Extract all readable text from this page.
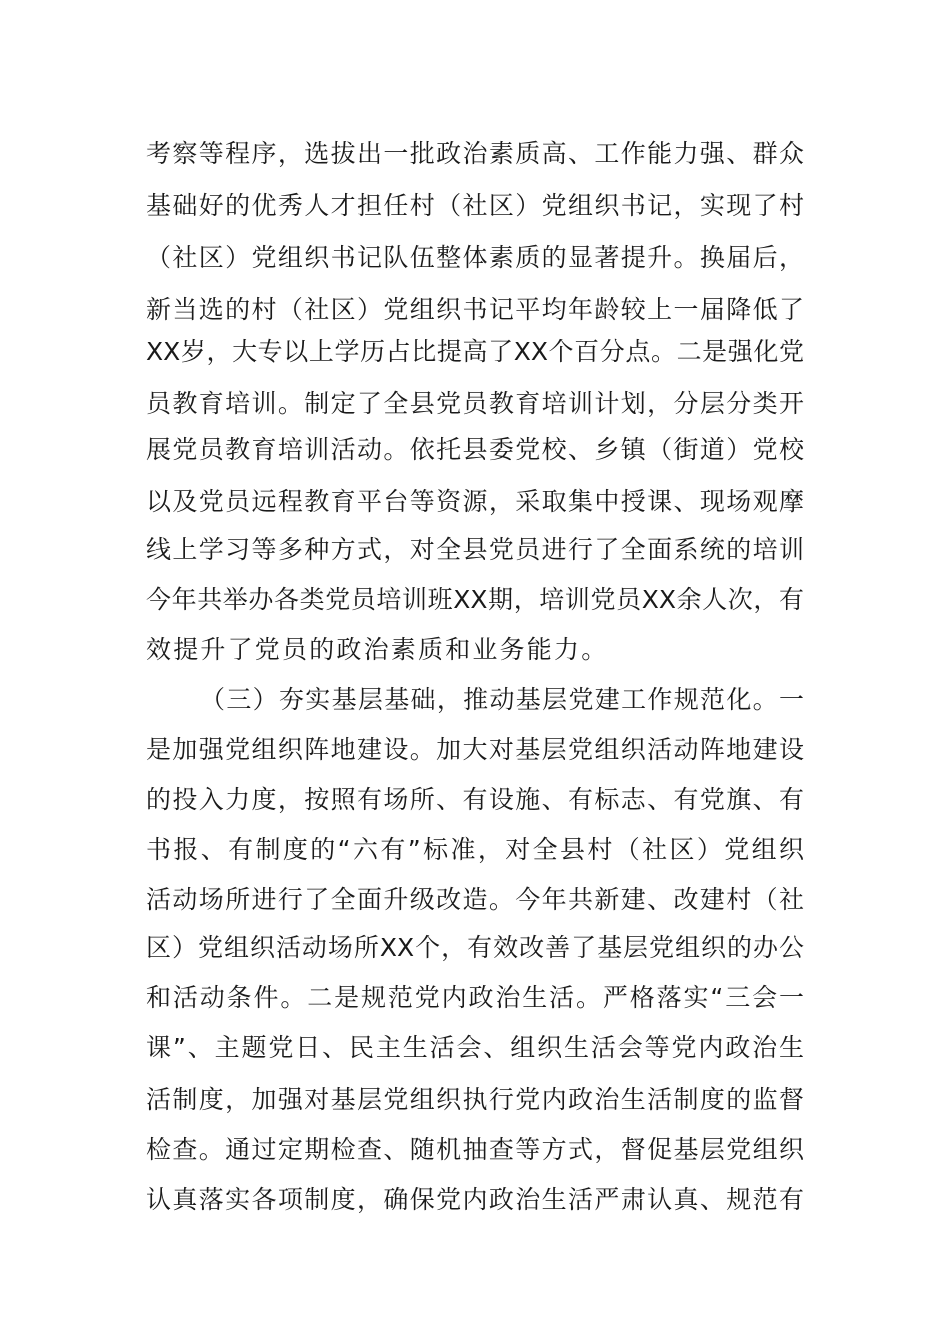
考察等程序，选拔出一批政治素质高、工作能力强、群众
基础好的优秀人才担任村（社区）党组织书记，实现了村
（社区）党组织书记队伍整体素质的显著提升。换届后，
新当选的村（社区）党组织书记平均年龄较上一届降低了
XX岁，大专以上学历占比提高了XX个百分点。二是强化党
员教育培训。制定了全县党员教育培训计划，分层分类开
展党员教育培训活动。依托县委党校、乡镇（街道）党校
以及党员远程教育平台等资源，采取集中授课、现场观摩
线上学习等多种方式，对全县党员进行了全面系统的培训
今年共举办各类党员培训班XX期，培训党员XX余人次，有
效提升了党员的政治素质和业务能力。
（三）夯实基层基础，推动基层党建工作规范化。一
是加强党组织阵地建设。加大对基层党组织活动阵地建设
的投入力度，按照有场所、有设施、有标志、有党旗、有
书报、有制度的“六有”标准，对全县村（社区）党组织
活动场所进行了全面升级改造。今年共新建、改建村（社
区）党组织活动场所XX个，有效改善了基层党组织的办公
和活动条件。二是规范党内政治生活。严格落实“三会一
课”、主题党日、民主生活会、组织生活会等党内政治生
活制度，加强对基层党组织执行党内政治生活制度的监督
检查。通过定期检查、随机抽查等方式，督促基层党组织
认真落实各项制度，确保党内政治生活严肃认真、规范有
